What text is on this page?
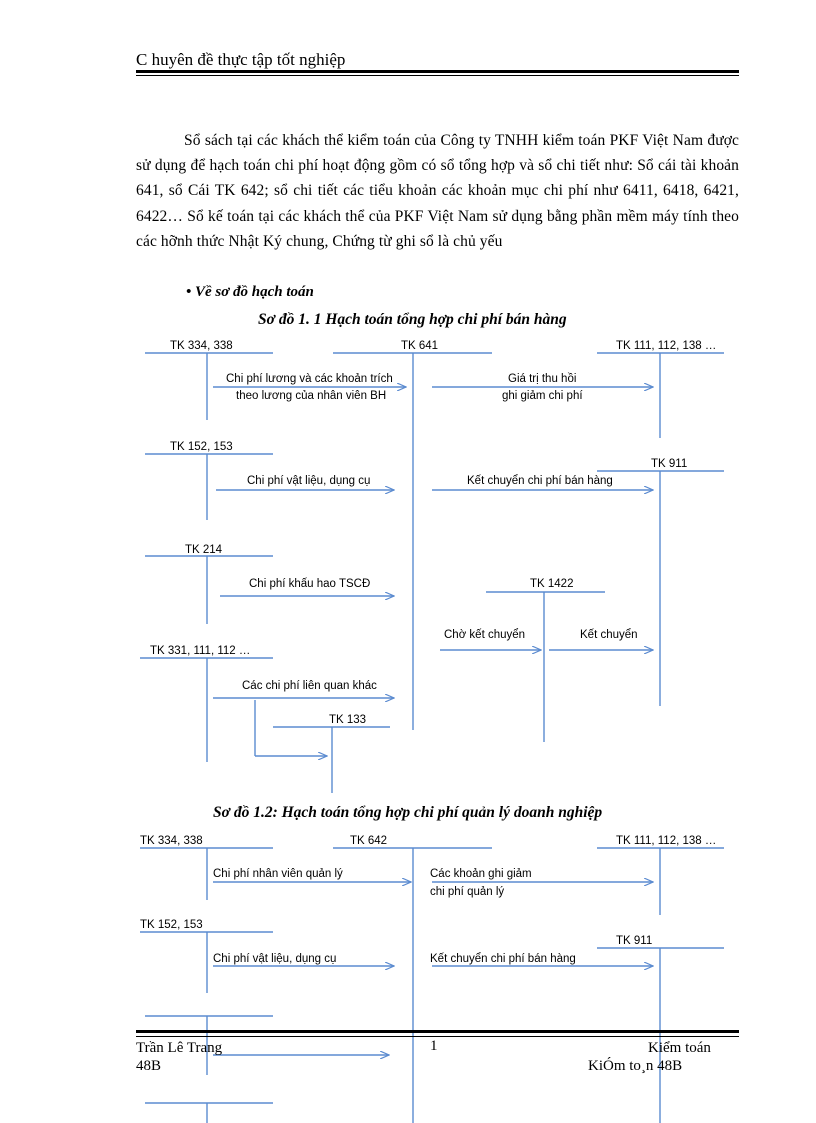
C huyên đề thực tập tốt nghiệp
Sổ sách tại các khách thể kiểm toán của Công ty TNHH kiểm toán PKF Việt Nam được sử dụng để hạch toán chi phí hoạt động gồm có sổ tổng hợp và sổ chi tiết như: Sổ cái tài khoản 641, sổ Cái TK 642; sổ chi tiết các tiểu khoản các khoản mục chi phí như 6411, 6418, 6421, 6422… Sổ kế toán tại các khách thể của PKF Việt Nam sử dụng bằng phần mềm máy tính theo các hỡnh thức Nhật Ký chung, Chứng từ ghi sổ là chủ yếu
• Về sơ đồ hạch toán
Sơ đồ 1. 1 Hạch toán tổng hợp chi phí bán hàng
Sơ đồ 1.2: Hạch toán tổng hợp chi phí quản lý doanh nghiệp
TK 334, 338	TK 641	TK 111, 112, 138 …
Chi phí lương và các khoản trích
theo lương của nhân viên BH
Giá trị thu hồi
ghi giảm chi phí
TK 152, 153
TK 911
Chi phí vật liệu, dụng cụ	Kết chuyển chi phí bán hàng
TK 214
Chi phí khấu hao TSCĐ	TK 1422
Chờ kết chuyển	Kết chuyển
TK 331, 111, 112 …
Các chi phí liên quan khác
TK 133
TK 334, 338	TK 642	TK 111, 112, 138 …
Chi phí nhân viên quản lý	Các khoản ghi giảm
chi phí quản lý
TK 152, 153
TK 911
Chi phí vật liệu, dụng cụ	Kết chuyển chi phí bán hàng
Trần Lê Trang
48B
1	Kiểm toán
KiÓm to¸n 48B
